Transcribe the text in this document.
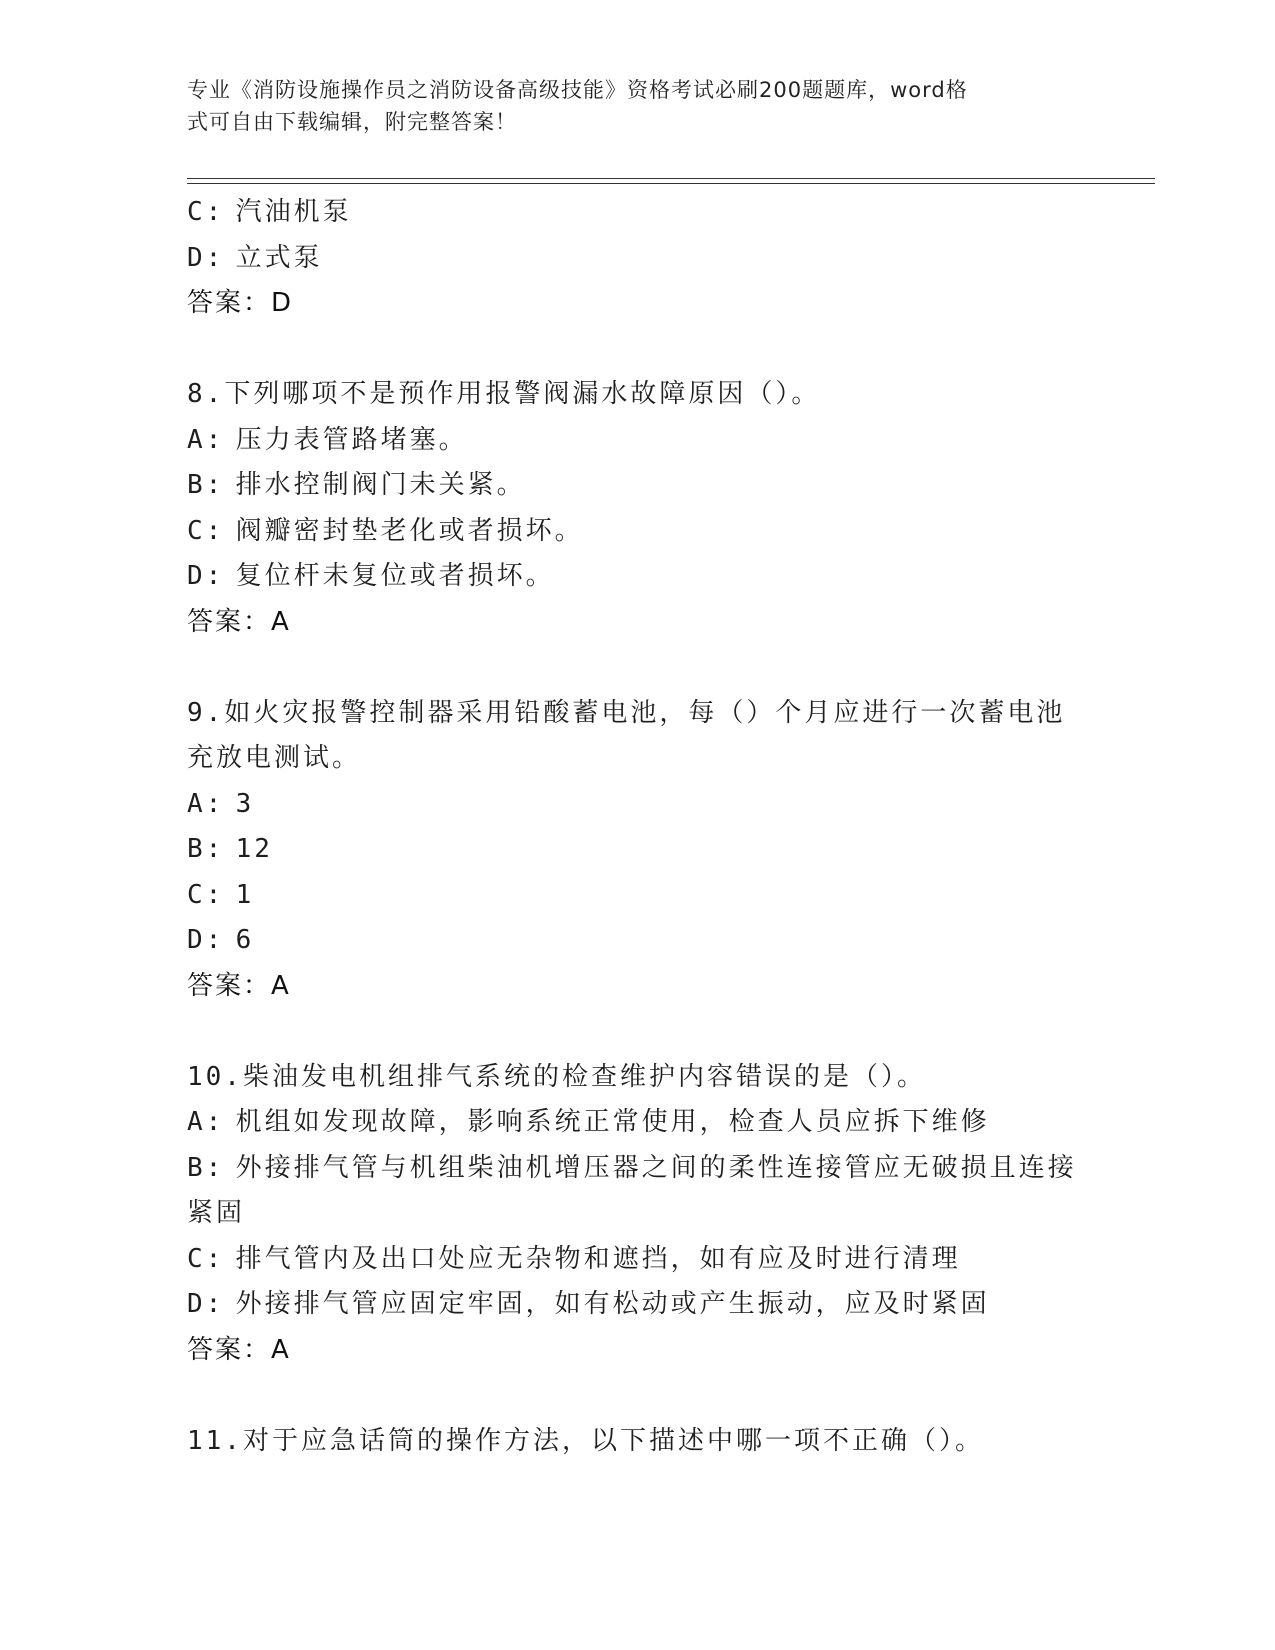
专业《消防设施操作员之消防设备高级技能》资格考试必刷200题题库，word格
式可自由下载编辑，附完整答案！
C: 汽油机泵
D: 立式泵
答案：D
8.下列哪项不是预作用报警阀漏水故障原因（）。
A: 压力表管路堵塞。
B: 排水控制阀门未关紧。
C: 阀瓣密封垫老化或者损坏。
D: 复位杆未复位或者损坏。
答案：A
9.如火灾报警控制器采用铅酸蓄电池，每（）个月应进行一次蓄电池
充放电测试。
A: 3
B: 12
C: 1
D: 6
答案：A
10.柴油发电机组排气系统的检查维护内容错误的是（）。
A: 机组如发现故障，影响系统正常使用，检查人员应拆下维修
B: 外接排气管与机组柴油机增压器之间的柔性连接管应无破损且连接
紧固
C: 排气管内及出口处应无杂物和遮挡，如有应及时进行清理
D: 外接排气管应固定牢固，如有松动或产生振动，应及时紧固
答案：A
11.对于应急话筒的操作方法，以下描述中哪一项不正确（）。
